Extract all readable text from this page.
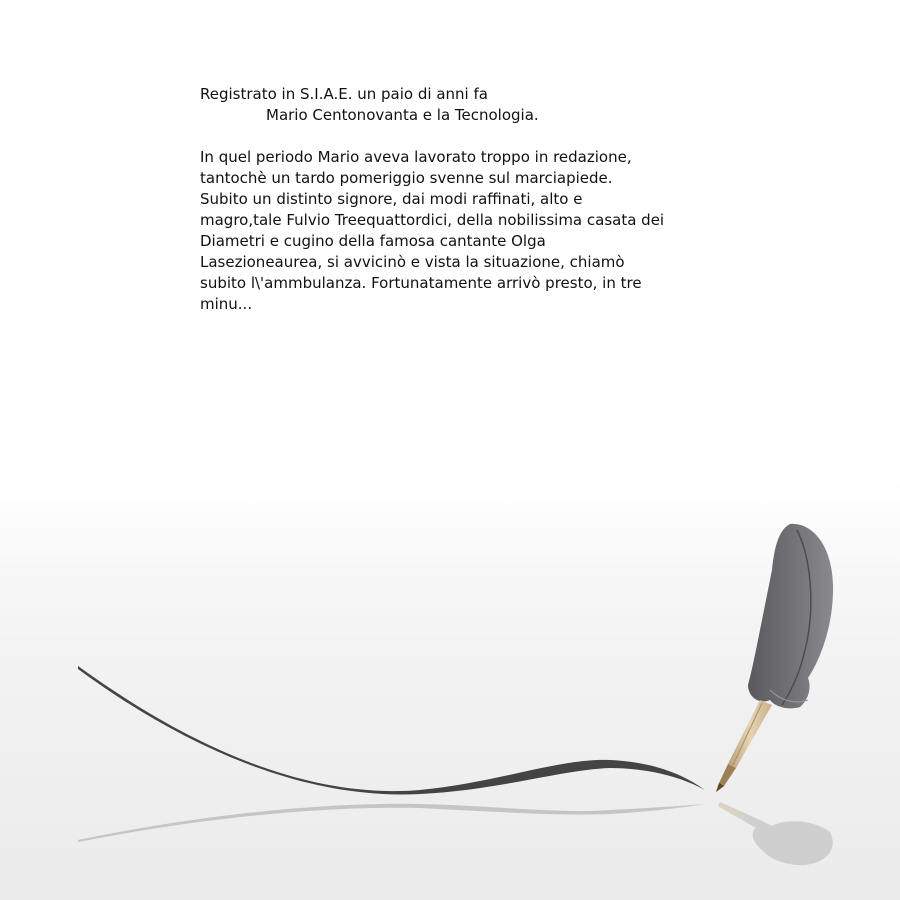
Registrato in S.I.A.E. un paio di anni fa

Mario Centonovanta e la Tecnologia.

In quel periodo Mario aveva lavorato troppo in redazione,

tantochè un tardo pomeriggio svenne sul marciapiede.

Subito un distinto signore, dai modi raffinati, alto e

magro,tale Fulvio Treequattordici, della nobilissima casata dei

Diametri e cugino della famosa cantante Olga

Lasezioneaurea, si avvicinò e vista la situazione, chiamò

subito l\'ammbulanza. Fortunatamente arrivò presto, in tre

minu...
